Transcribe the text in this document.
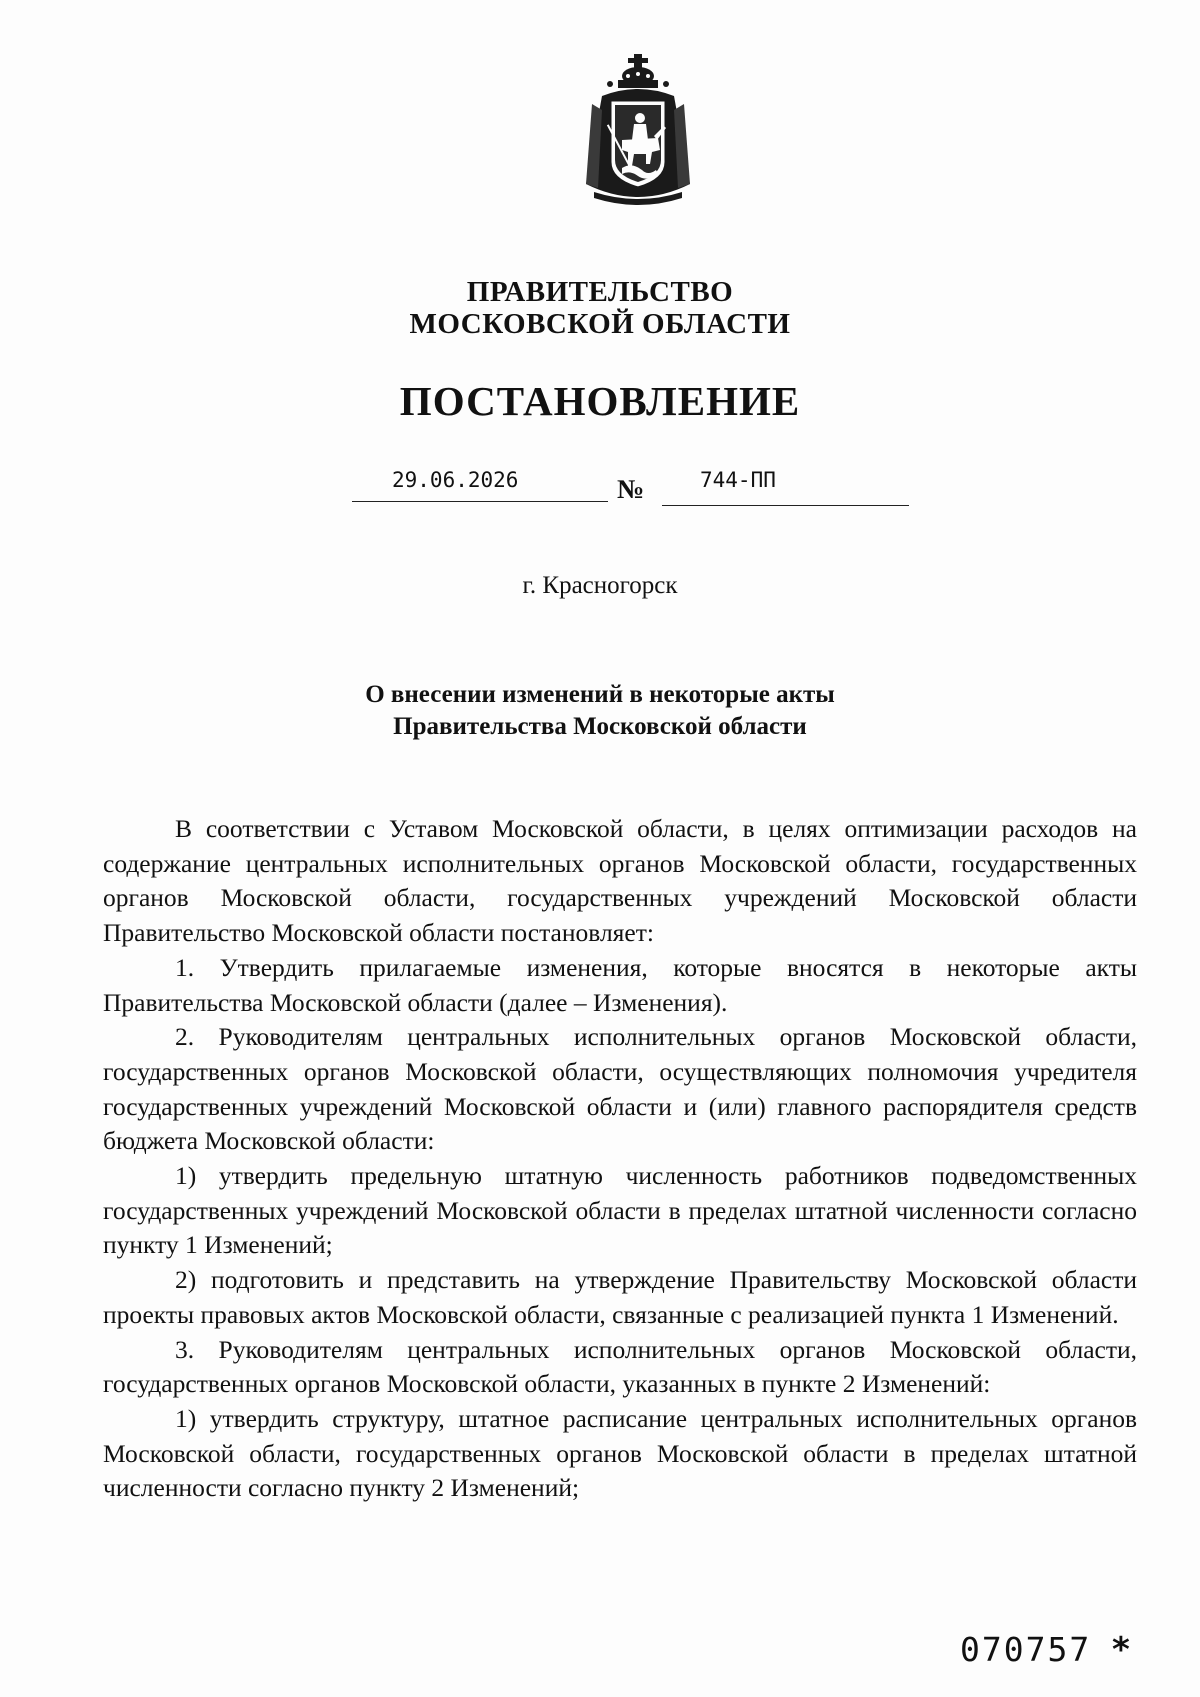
ПРАВИТЕЛЬСТВО
МОСКОВСКОЙ ОБЛАСТИ
ПОСТАНОВЛЕНИЕ
29.06.2026	№	744-ПП
г. Красногорск
О внесении изменений в некоторые акты
Правительства Московской области

В соответствии с Уставом Московской области, в целях оптимизации расходов на содержание центральных исполнительных органов Московской области, государственных органов Московской области, государственных учреждений Московской области Правительство Московской области постановляет:

1. Утвердить прилагаемые изменения, которые вносятся в некоторые акты Правительства Московской области (далее – Изменения).

2. Руководителям центральных исполнительных органов Московской области, государственных органов Московской области, осуществляющих полномочия учредителя государственных учреждений Московской области и (или) главного распорядителя средств бюджета Московской области:

1) утвердить предельную штатную численность работников подведомственных государственных учреждений Московской области в пределах штатной численности согласно пункту 1 Изменений;

2) подготовить и представить на утверждение Правительству Московской области проекты правовых актов Московской области, связанные с реализацией пункта 1 Изменений.

3. Руководителям центральных исполнительных органов Московской области, государственных органов Московской области, указанных в пункте 2 Изменений:

1) утвердить структуру, штатное расписание центральных исполнительных органов Московской области, государственных органов Московской области в пределах штатной численности согласно пункту 2 Изменений;

070757 *
